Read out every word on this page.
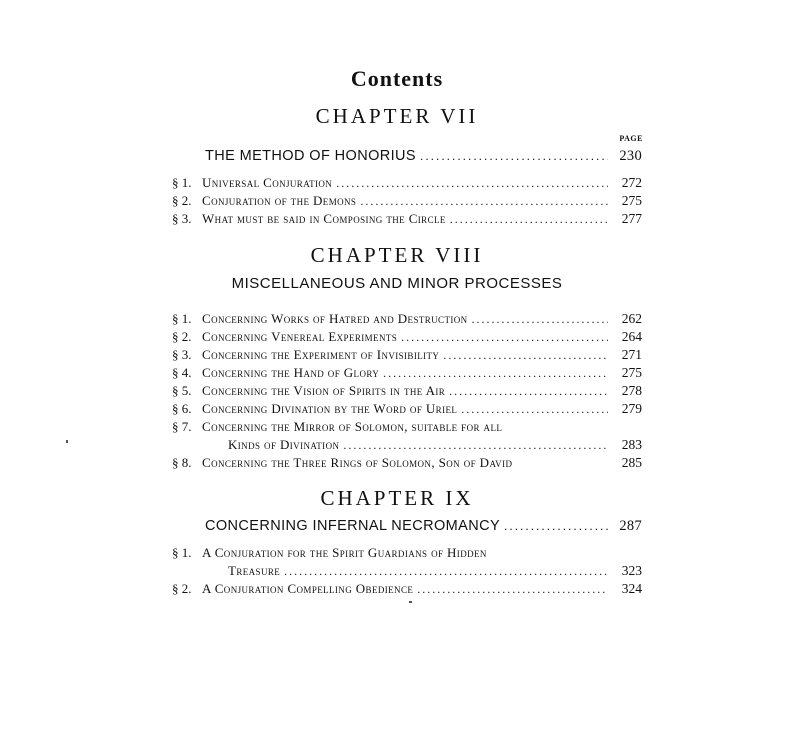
Contents
CHAPTER VII
PAGE
THE METHOD OF HONORIUS .....	230
§ 1. Universal Conjuration .....	272
§ 2. Conjuration of the Demons .....	275
§ 3. What must be said in Composing the Circle .....	277
CHAPTER VIII
MISCELLANEOUS AND MINOR PROCESSES
§ 1. Concerning Works of Hatred and Destruction .....	262
§ 2. Concerning Venereal Experiments .....	264
§ 3. Concerning the Experiment of Invisibility .....	271
§ 4. Concerning the Hand of Glory .....	275
§ 5. Concerning the Vision of Spirits in the Air .....	278
§ 6. Concerning Divination by the Word of Uriel .....	279
§ 7. Concerning the Mirror of Solomon, suitable for all
Kinds of Divination .....	283
§ 8. Concerning the Three Rings of Solomon, Son of David	285
CHAPTER IX
CONCERNING INFERNAL NECROMANCY .....	287
§ 1. A Conjuration for the Spirit Guardians of Hidden
Treasure .....	323
§ 2. A Conjuration Compelling Obedience .....	324
